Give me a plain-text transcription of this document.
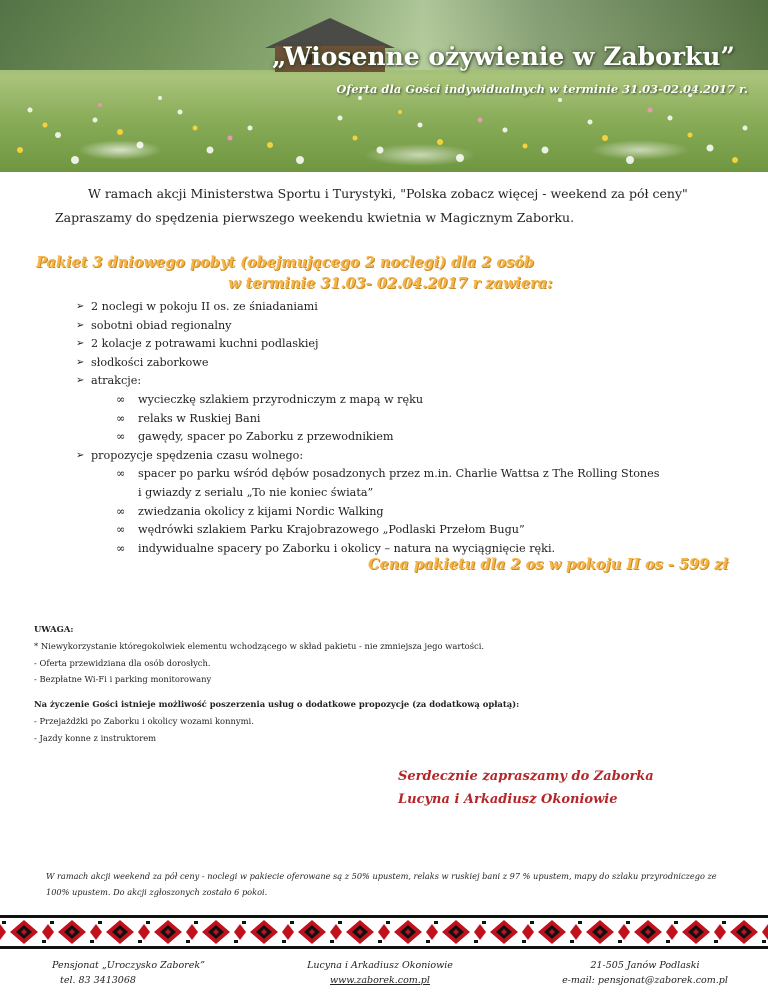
„Wiosenne ożywienie w Zaborku”
Oferta dla Gości indywidualnych w terminie 31.03-02.04.2017 r.
W ramach akcji Ministerstwa Sportu i Turystyki, "Polska zobacz więcej - weekend za pół ceny"
Zapraszamy do spędzenia pierwszego weekendu kwietnia w Magicznym Zaborku.
Pakiet 3 dniowego pobyt (obejmującego 2 noclegi) dla 2 osób
w terminie 31.03- 02.04.2017 r zawiera:
➢ 2 noclegi w pokoju II os. ze śniadaniami
➢ sobotni obiad regionalny
➢ 2 kolacje z potrawami kuchni podlaskiej
➢ słodkości zaborkowe
➢ atrakcje:
∞	wycieczkę szlakiem przyrodniczym z mapą w ręku
∞	relaks w Ruskiej Bani
∞	gawędy, spacer po Zaborku z przewodnikiem
➢ propozycje spędzenia czasu wolnego:
∞	spacer po parku wśród dębów posadzonych przez m.in. Charlie Wattsa z The Rolling Stones
i gwiazdy z serialu „To nie koniec świata”
∞	zwiedzania okolicy z kijami Nordic Walking
∞	wędrówki szlakiem Parku Krajobrazowego „Podlaski Przełom Bugu”
∞	indywidualne spacery po Zaborku i okolicy – natura na wyciągnięcie ręki.
Cena pakietu dla 2 os w pokoju II os - 599 zł
UWAGA:
* Niewykorzystanie któregokolwiek elementu wchodzącego w skład pakietu - nie zmniejsza jego wartości.
- Oferta przewidziana dla osób dorosłych.
- Bezpłatne Wi-Fi i parking monitorowany
Na życzenie Gości istnieje możliwość poszerzenia usług o dodatkowe propozycje (za dodatkową opłatą):
- Przejażdżki po Zaborku i okolicy wozami konnymi.
- Jazdy konne z instruktorem
Serdecznie zapraszamy do Zaborka
Lucyna i Arkadiusz Okoniowie
W ramach akcji weekend za pół ceny - noclegi w pakiecie oferowane są z 50% upustem, relaks w ruskiej bani z 97 % upustem, mapy do szlaku przyrodniczego ze 100% upustem. Do akcji zgłoszonych zostało 6 pokoi.
Pensjonat „Uroczysko Zaborek”
tel. 83 3413068
Lucyna i Arkadiusz Okoniowie
www.zaborek.com.pl
21-505 Janów Podlaski
e-mail: pensjonat@zaborek.com.pl
